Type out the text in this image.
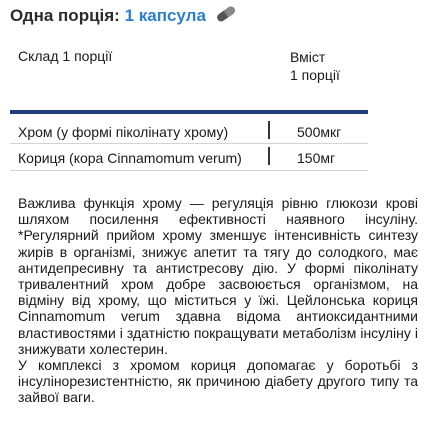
Одна порція: 1 капсула
Склад 1 порції	Вміст
1 порції
Хром (у формі піколінату хрому)	500мкг
Кориця (кора Cinnamomum verum)	150мг

Важлива функція хрому — регуляція рівню глюкози крові шляхом посилення ефективності наявного інсуліну. *Регулярний прийом хрому зменшує інтенсивність синтезу жирів в організмі, знижує апетит та тягу до солодкого, має антидепресивну та антистресову дію. У формі піколінату тривалентний хром добре засвоюється організмом, на відміну від хрому, що міститься у їжі. Цейлонська кориця Cinnamomum verum здавна відома антиоксидантними властивостями і здатністю покращувати метаболізм інсуліну і знижувати холестерин.

У комплексі з хромом кориця допомагає у боротьбі з інсулінорезистентністю, як причиною діабету другого типу та зайвої ваги.
